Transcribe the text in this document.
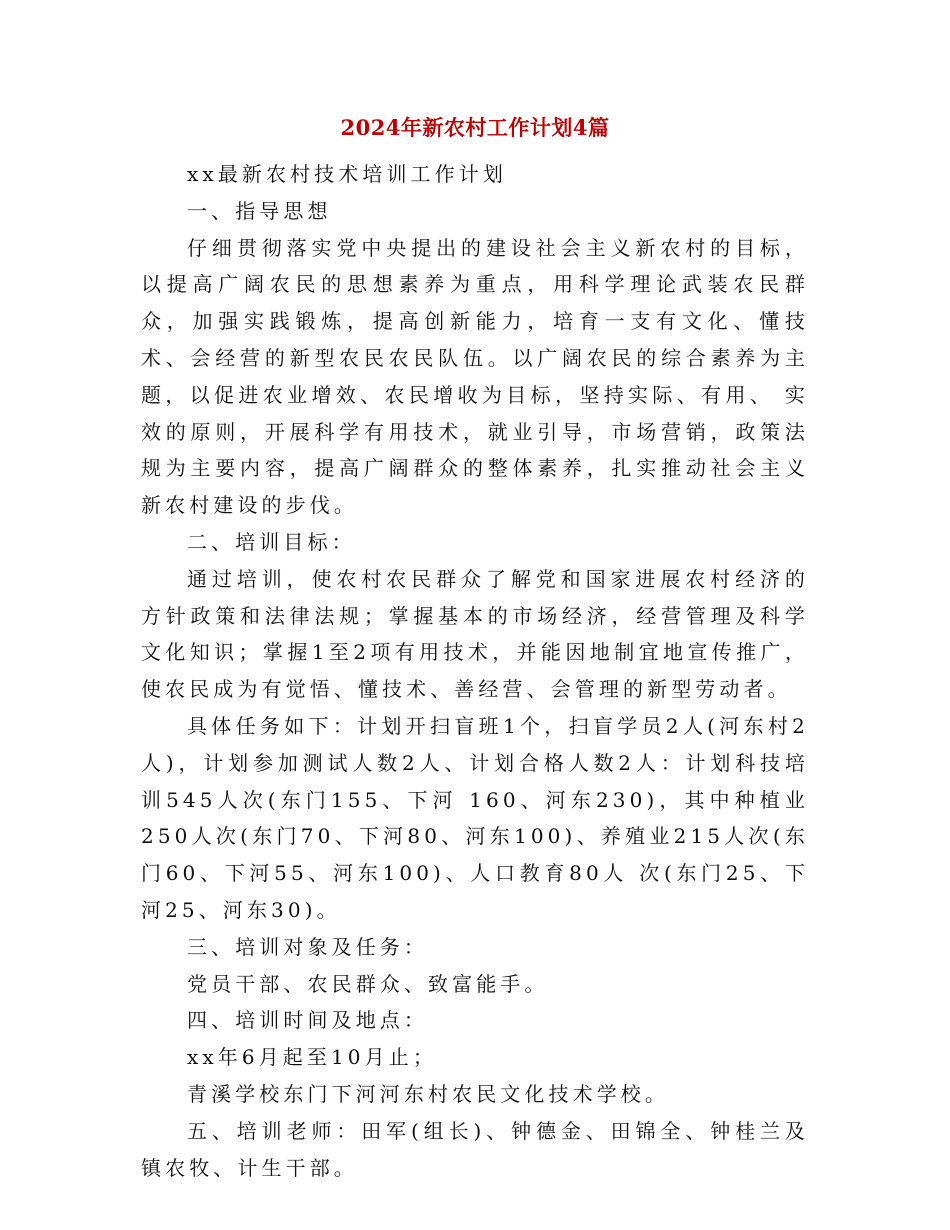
2024年新农村工作计划4篇

xx最新农村技术培训工作计划

一、指导思想

仔细贯彻落实党中央提出的建设社会主义新农村的目标，以提高广阔农民的思想素养为重点，用科学理论武装农民群众，加强实践锻炼，提高创新能力，培育一支有文化、懂技术、会经营的新型农民农民队伍。以广阔农民的综合素养为主题，以促进农业增效、农民增收为目标，坚持实际、有用、 实效的原则，开展科学有用技术，就业引导，市场营销，政策法规为主要内容，提高广阔群众的整体素养，扎实推动社会主义新农村建设的步伐。

二、培训目标：

通过培训，使农村农民群众了解党和国家进展农村经济的方针政策和法律法规；掌握基本的市场经济，经营管理及科学文化知识；掌握1至2项有用技术，并能因地制宜地宣传推广，使农民成为有觉悟、懂技术、善经营、会管理的新型劳动者。

具体任务如下：计划开扫盲班1个，扫盲学员2人(河东村2人)，计划参加测试人数2人、计划合格人数2人：计划科技培训545人次(东门155、下河 160、河东230)，其中种植业250人次(东门70、下河80、河东100)、养殖业215人次(东门60、下河55、河东100)、人口教育80人 次(东门25、下河25、河东30)。

三、培训对象及任务：

党员干部、农民群众、致富能手。

四、培训时间及地点：

xx年6月起至10月止；

青溪学校东门下河河东村农民文化技术学校。

五、培训老师：田军(组长)、钟德金、田锦全、钟桂兰及镇农牧、计生干部。
